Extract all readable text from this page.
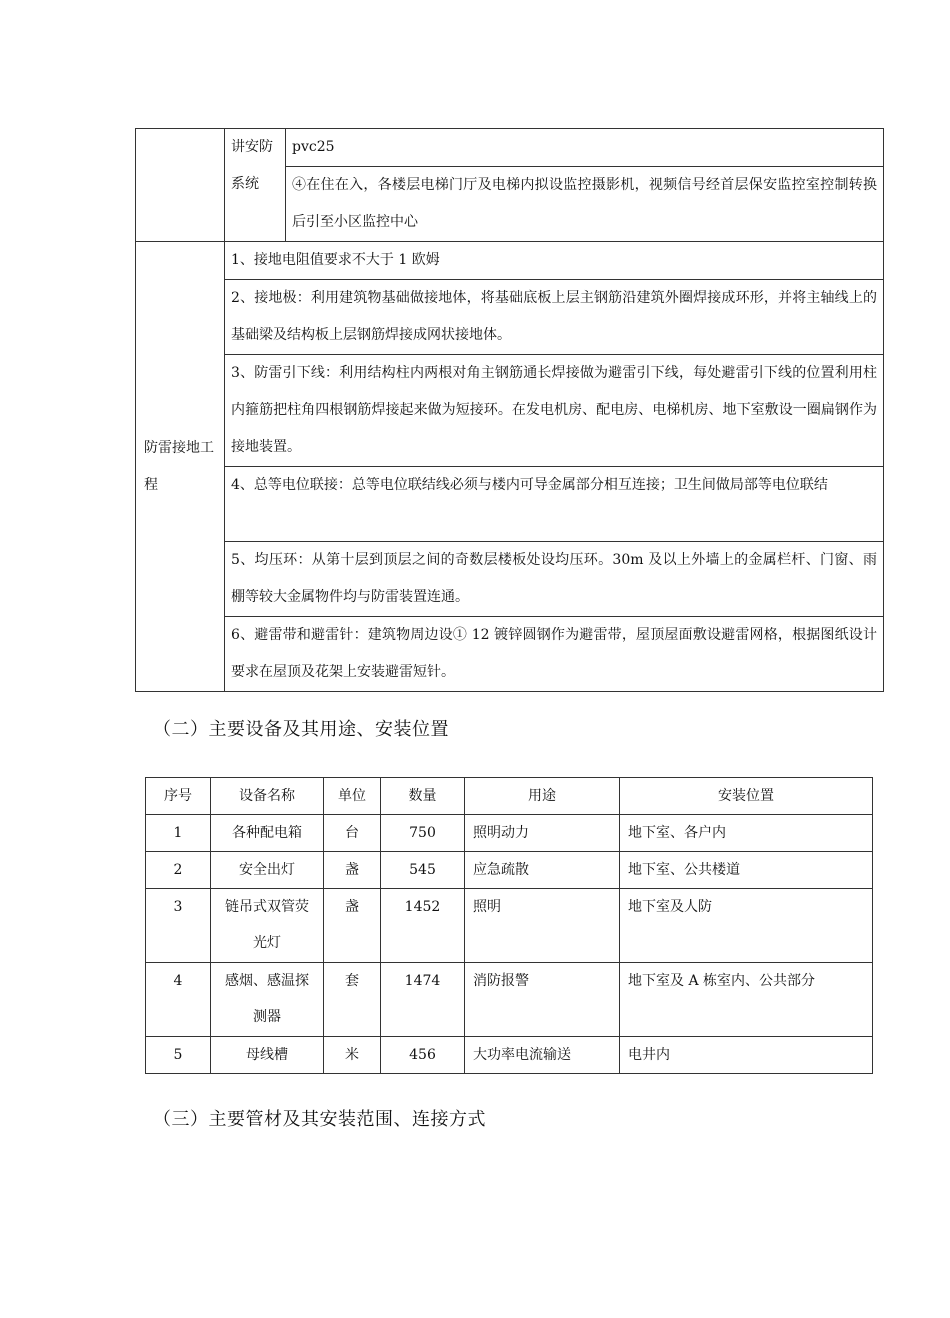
	讲安防系统	pvc25
		④在住在入，各楼层电梯门厅及电梯内拟设监控摄影机，视频信号经首层保安监控室控制转换后引至小区监控中心
防雷接地工程	1、接地电阻值要求不大于 1 欧姆	
	2、接地极：利用建筑物基础做接地体，将基础底板上层主钢筋沿建筑外圈焊接成环形，并将主轴线上的基础梁及结构板上层钢筋焊接成网状接地体。	
	3、防雷引下线：利用结构柱内两根对角主钢筋通长焊接做为避雷引下线，每处避雷引下线的位置利用柱内箍筋把柱角四根钢筋焊接起来做为短接环。在发电机房、配电房、电梯机房、地下室敷设一圈扁钢作为接地装置。	
	4、总等电位联接：总等电位联结线必须与楼内可导金属部分相互连接；卫生间做局部等电位联结	
	5、均压环：从第十层到顶层之间的奇数层楼板处设均压环。30m 及以上外墙上的金属栏杆、门窗、雨棚等较大金属物件均与防雷装置连通。	
	6、避雷带和避雷针：建筑物周边设① 12 镀锌圆钢作为避雷带，屋顶屋面敷设避雷网格，根据图纸设计要求在屋顶及花架上安装避雷短针。	
（二）主要设备及其用途、安装位置
序号	设备名称	单位	数量	用途	安装位置
1	各种配电箱	台	750	照明动力	地下室、各户内
2	安全出灯	盏	545	应急疏散	地下室、公共楼道
3	链吊式双管荧光灯	盏	1452	照明	地下室及人防
4	感烟、感温探测器	套	1474	消防报警	地下室及 A 栋室内、公共部分
5	母线槽	米	456	大功率电流输送	电井内
（三）主要管材及其安装范围、连接方式
